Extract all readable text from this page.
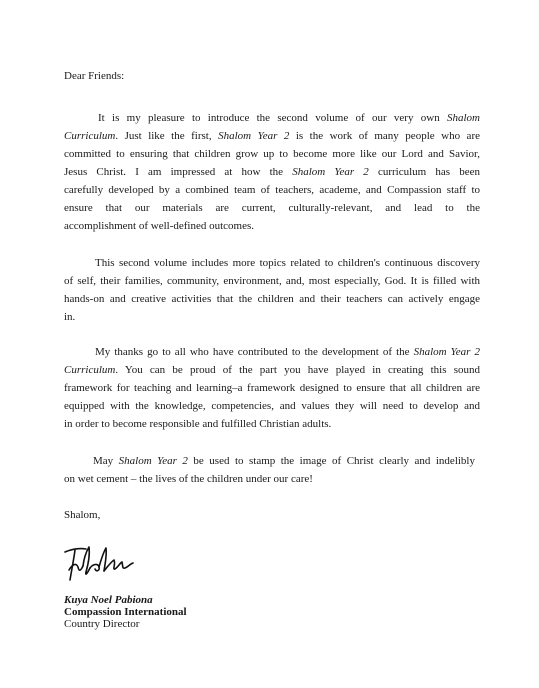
Dear Friends:
It is my pleasure to introduce the second volume of our very own Shalom
Curriculum. Just like the first, Shalom Year 2 is the work of many people who are
committed to ensuring that children grow up to become more like our Lord and Savior,
Jesus Christ. I am impressed at how the Shalom Year 2 curriculum has been
carefully developed by a combined team of teachers, academe, and Compassion staff to
ensure that our materials are current, culturally-relevant, and lead to the
accomplishment of well-defined outcomes.
This second volume includes more topics related to children's continuous discovery
of self, their families, community, environment, and, most especially, God. It is filled with
hands-on and creative activities that the children and their teachers can actively engage
in.
My thanks go to all who have contributed to the development of the Shalom Year 2
Curriculum. You can be proud of the part you have played in creating this sound
framework for teaching and learning–a framework designed to ensure that all children are
equipped with the knowledge, competencies, and values they will need to develop and
in order to become responsible and fulfilled Christian adults.
May Shalom Year 2 be used to stamp the image of Christ clearly and indelibly
on wet cement – the lives of the children under our care!
Shalom,
Kuya Noel Pabiona
Compassion International
Country Director
